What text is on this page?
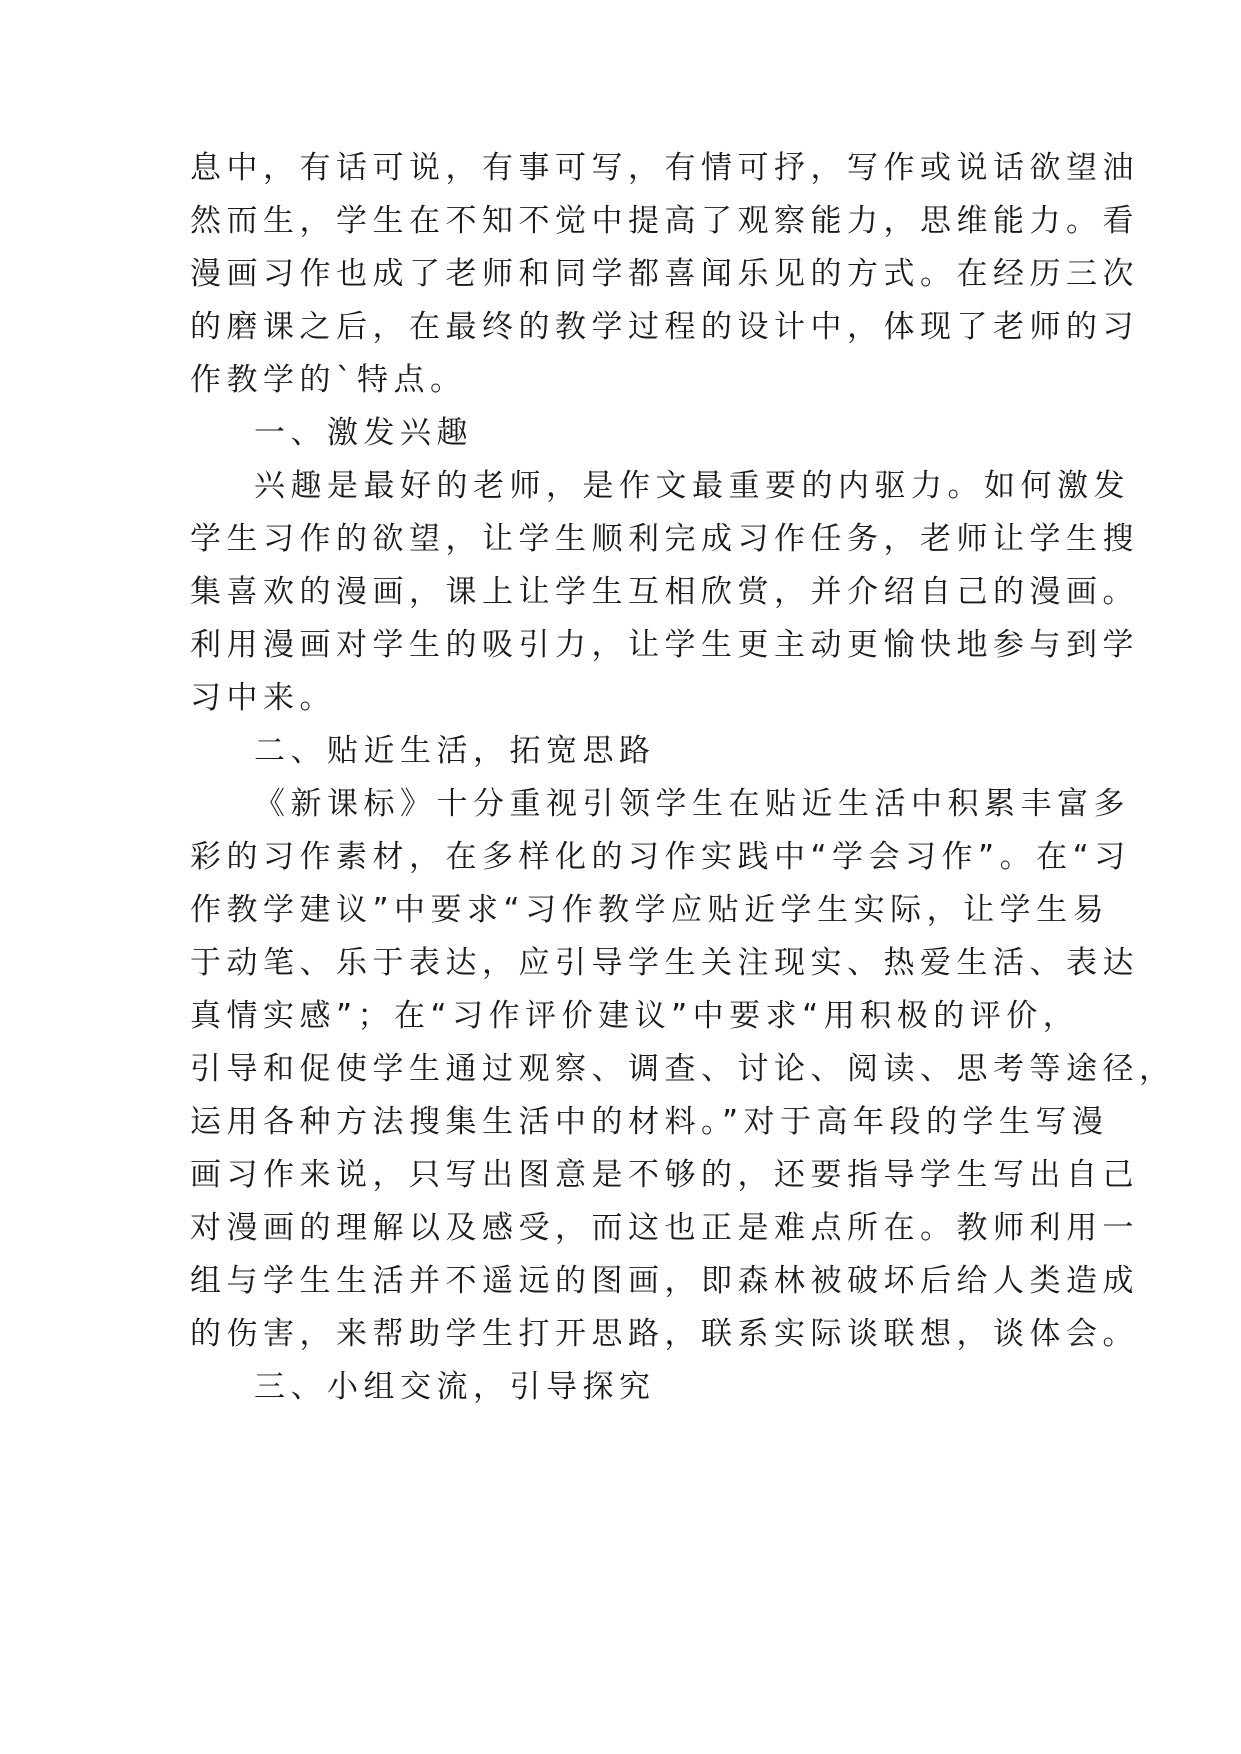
息中，有话可说，有事可写，有情可抒，写作或说话欲望油
然而生，学生在不知不觉中提高了观察能力，思维能力。看
漫画习作也成了老师和同学都喜闻乐见的方式。在经历三次
的磨课之后，在最终的教学过程的设计中，体现了老师的习
作教学的`特点。
一、激发兴趣
兴趣是最好的老师，是作文最重要的内驱力。如何激发
学生习作的欲望，让学生顺利完成习作任务，老师让学生搜
集喜欢的漫画，课上让学生互相欣赏，并介绍自己的漫画。
利用漫画对学生的吸引力，让学生更主动更愉快地参与到学
习中来。
二、贴近生活，拓宽思路
《新课标》十分重视引领学生在贴近生活中积累丰富多
彩的习作素材，在多样化的习作实践中“学会习作”。在“习
作教学建议”中要求“习作教学应贴近学生实际，让学生易
于动笔、乐于表达，应引导学生关注现实、热爱生活、表达
真情实感”；在“习作评价建议”中要求“用积极的评价，
引导和促使学生通过观察、调查、讨论、阅读、思考等途径，
运用各种方法搜集生活中的材料。”对于高年段的学生写漫
画习作来说，只写出图意是不够的，还要指导学生写出自己
对漫画的理解以及感受，而这也正是难点所在。教师利用一
组与学生生活并不遥远的图画，即森林被破坏后给人类造成
的伤害，来帮助学生打开思路，联系实际谈联想，谈体会。
三、小组交流，引导探究
